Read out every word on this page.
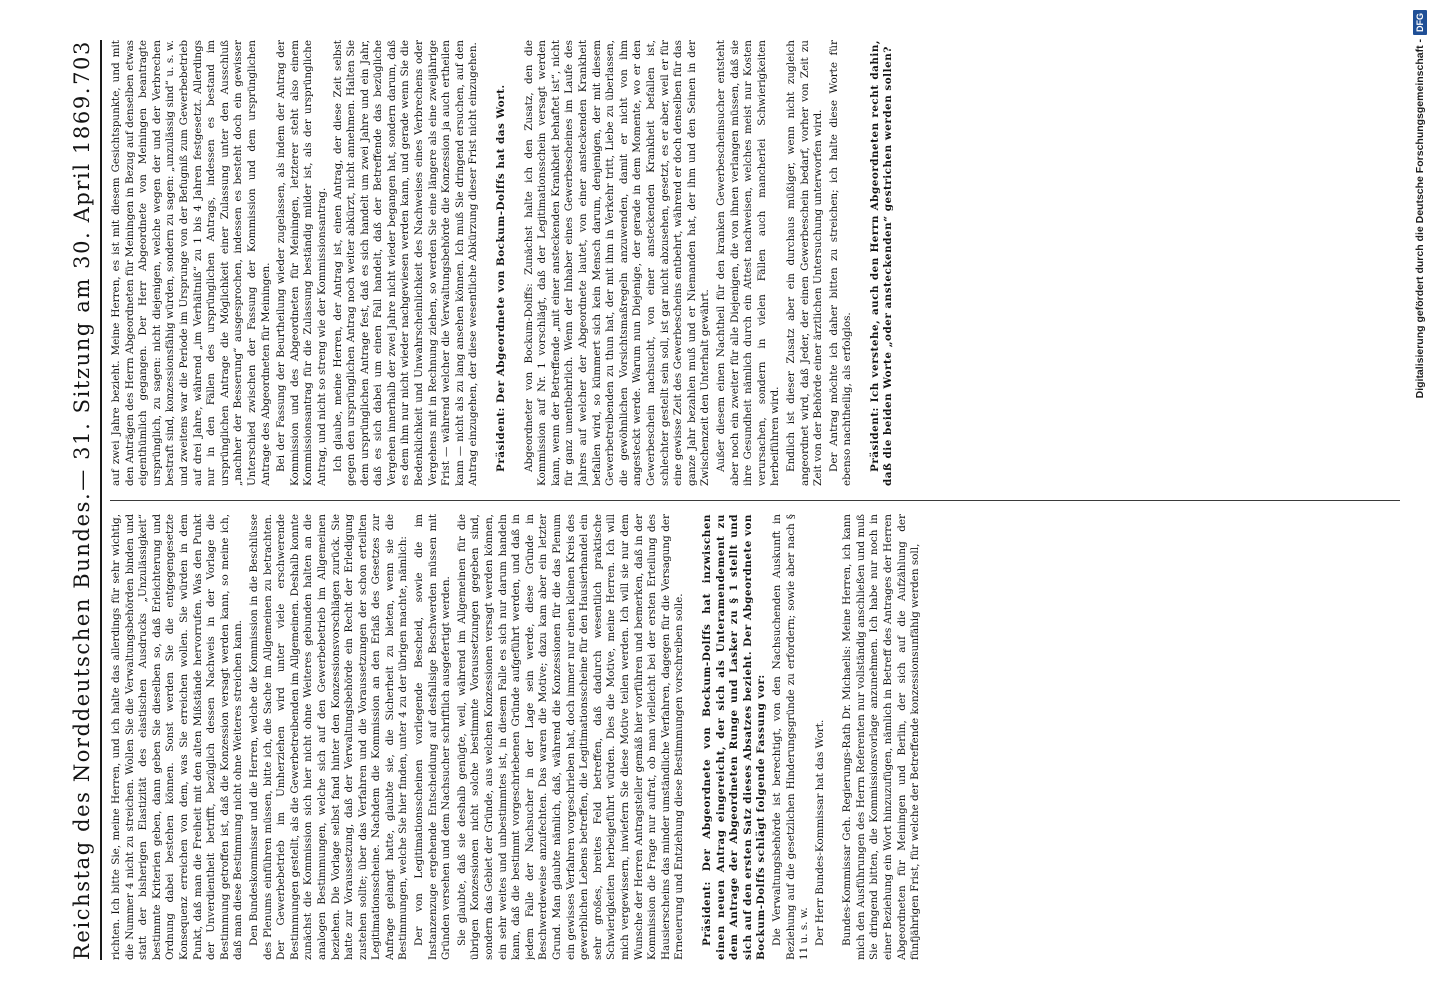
Reichstag des Norddeutschen Bundes.
— 31. Sitzung am 30. April 1869.
703

richten. Ich bitte Sie, meine Herren, und ich halte das allerdings für sehr wichtig, die Nummer 4 nicht zu streichen. Wollen Sie die Verwaltungsbehörden binden und statt der bisherigen Elastizität des elastischen Ausdrucks „Unzulässigkeit“ bestimmte Kriterien geben, dann geben Sie dieselben so, daß Erleichterung und Ordnung dabei bestehen können. Sonst werden Sie die entgegengesetzte Konsequenz erreichen von dem, was Sie erreichen wollen. Sie würden in dem Punkt, daß man die Freiheit mit den alten Mißstände hervorrufen. Was den Punkt der Unverdientheit betrifft, bezüglich dessen Nachweis in der Vorlage die Bestimmung getroffen ist, daß die Konzession versagt werden kann, so meine ich, daß man diese Bestimmung nicht ohne Weiteres streichen kann. Den Bundeskommissar und die Herren, welche die Kommission in die Beschlüsse des Plenums einführen müssen, bitte ich, die Sache im Allgemeinen zu betrachten. Der Gewerbebetrieb im Umherziehen wird unter viele erschwerende Bestimmungen gestellt, als die Gewerbetreibenden im Allgemeinen. Deshalb konnte zunächst die Kommission sich hier nicht ohne Weiteres gebunden halten an die analogen Bestimmungen, welche sich auf den Gewerbebetrieb im Allgemeinen beziehen. Die Vorlage selbst fand hinter den Konzessionsvorschlägen zurück. Sie hatte zur Voraussetzung, daß der Verwaltungsbehörde ein Recht der Erledigung zustehen sollte; über das Verfahren und die Voraussetzungen der schon erteilten Legitimationsscheine. Nachdem die Kommission an den Erlaß des Gesetzes zur Anfrage gelangt hatte, glaubte sie, die Sicherheit zu bieten, wenn sie die Bestimmungen, welche Sie hier finden, unter 4 zu der übrigen machte, nämlich: Der von Legitimationsscheinen vorliegende Bescheid, sowie die im Instanzenzuge ergehende Entscheidung auf desfallsige Beschwerden müssen mit Gründen versehen und dem Nachsucher schriftlich ausgefertigt werden. Sie glaubte, daß sie deshalb genügte, weil, während im Allgemeinen für die übrigen Konzessionen nicht solche bestimmte Voraussetzungen gegeben sind, sondern das Gebiet der Gründe, aus welchen Konzessionen versagt werden können, ein sehr weites und unbestimmtes ist, in diesem Falle es sich nur darum handeln kann, daß die bestimmt vorgeschriebenen Gründe aufgeführt werden, und daß in jedem Falle der Nachsucher in der Lage sein werde, diese Gründe in Beschwerdeweise anzufechten. Das waren die Motive; dazu kam aber ein letzter Grund. Man glaubte nämlich, daß, während die Konzessionen für die das Plenum ein gewisses Verfahren vorgeschrieben hat, doch immer nur einen kleinen Kreis des gewerblichen Lebens betreffen, die Legitimationsscheine für den Hausierhandel ein sehr großes, breites Feld betreffen, daß dadurch wesentlich praktische Schwierigkeiten herbeigeführt würden. Dies die Motive, meine Herren. Ich will mich vergewissern, inwiefern Sie diese Motive teilen werden. Ich will sie nur dem Wunsche der Herren Antragsteller gemäß hier vorführen und bemerken, daß in der Kommission die Frage nur aufrat, ob man vielleicht bei der ersten Erteilung des Hausierscheins das minder umständliche Verfahren, dagegen für die Versagung der Erneuerung und Entziehung diese Bestimmungen vorschreiben solle. Präsident: Der Abgeordnete von Bockum-Dolffs hat inzwischen einen neuen Antrag eingereicht, der sich als Unteramendement zu dem Antrage der Abgeordneten Runge und Lasker zu § 1 stellt und sich auf den ersten Satz dieses Absatzes bezieht. Der Abgeordnete von Bockum-Dolffs schlägt folgende Fassung vor: Die Verwaltungsbehörde ist berechtigt, von den Nachsuchenden Auskunft in Beziehung auf die gesetzlichen Hinderungsgründe zu erfordern; sowie aber nach § 11 u. s. w. Der Herr Bundes-Kommissar hat das Wort. Bundes-Kommissar Geh. Regierungs-Rath Dr. Michaelis: Meine Herren, ich kann mich den Ausführungen des Herrn Referenten nur vollständig anschließen und muß Sie dringend bitten, die Kommissionsvorlage anzunehmen. Ich habe nur noch in einer Beziehung ein Wort hinzuzufügen, nämlich in Betreff des Antrages der Herren Abgeordneten für Meiningen und Berlin, der sich auf die Aufzählung der fünfjährigen Frist, für welche der Betreffende konzessionsunfähig werden soll,

auf zwei Jahre bezieht. Meine Herren, es ist mit diesem Gesichtspunkte, und mit den Anträgen des Herrn Abgeordneten für Meiningen in Bezug auf denselben etwas eigenthümlich gegangen. Der Herr Abgeordnete von Meiningen beantragte ursprünglich, zu sagen: nicht diejenigen, welche wegen der und der Verbrechen bestraft sind, konzessionsfähig würden, sondern zu sagen: „unzulässig sind“ u. s. w. und zweitens war die Periode im Ursprunge von der Befugniß zum Gewerbebetrieb auf drei Jahre, während „im Verhältniß“ zu 1 bis 4 Jahren festgesetzt. Allerdings nur in den Fällen des ursprünglichen Antrags, indessen es bestand im ursprünglichen Antrage die Möglichkeit einer Zulassung unter den Ausschluß „nachher der Besserung“ ausgesprochen, indessen es besteht doch ein gewisser Unterschied zwischen der Fassung der Kommission und dem ursprünglichen Antrage des Abgeordneten für Meiningen. Bei der Fassung der Beurtheilung wieder zugelassen, als indem der Antrag der Kommission und des Abgeordneten für Meiningen, letzterer steht also einem Kommissionsantrag für die Zulassung beständig milder ist, als der ursprüngliche Antrag, und nicht so streng wie der Kommissionsantrag. Ich glaube, meine Herren, der Antrag ist, einen Antrag, der diese Zeit selbst gegen den ursprünglichen Antrag noch weiter abkürzt, nicht annehmen. Halten Sie dem ursprünglichen Antrage fest, daß es sich handelt um zwei Jahre und ein Jahr, daß es sich dabei um einen Fall handelt, daß der Betreffende das bezügliche Vergehen innerhalb der zwei Jahre nicht wieder begangen hat, sondern darum, daß es dem ihm nur nicht wieder nachgewiesen werden kann, und gerade wenn Sie die Bedenklichkeit und Unwahrscheinlichkeit des Nachweises eines Verbrechens oder Vergehens mit in Rechnung ziehen, so werden Sie eine längere als eine zweijährige Frist — während welcher die Verwaltungsbehörde die Konzession ja auch ertheilen kann — nicht als zu lang ansehen können. Ich muß Sie dringend ersuchen, auf den Antrag einzugehen, der diese wesentliche Abkürzung dieser Frist nicht einzugehen. Präsident: Der Abgeordnete von Bockum-Dolffs hat das Wort. Abgeordneter von Bockum-Dolffs: Zunächst halte ich den Zusatz, den die Kommission auf Nr. 1 vorschlägt, daß der Legitimationsschein versagt werden kann, wenn der Betreffende „mit einer ansteckenden Krankheit behaftet ist“, nicht für ganz unentbehrlich. Wenn der Inhaber eines Gewerbescheines im Laufe des Jahres auf welcher der Abgeordnete lautet, von einer ansteckenden Krankheit befallen wird, so kümmert sich kein Mensch darum, denjenigen, der mit diesem Gewerbetreibenden zu thun hat, der mit ihm in Verkehr tritt, Liebe zu überlassen, die gewöhnlichen Vorsichtsmaßregeln anzuwenden, damit er nicht von ihm angesteckt werde. Warum nun Diejenige, der gerade in dem Momente, wo er den Gewerbeschein nachsucht, von einer ansteckenden Krankheit befallen ist, schlechter gestellt sein soll, ist gar nicht abzusehen, gesetzt, es er aber, weil er für eine gewisse Zeit des Gewerbescheins entbehrt, während er doch denselben für das ganze Jahr bezahlen muß und er Niemanden hat, der ihm und den Seinen in der Zwischenzeit den Unterhalt gewährt. Außer diesem einen Nachtheil für den kranken Gewerbescheinsucher entsteht aber noch ein zweiter für alle Diejenigen, die von ihnen verlangen müssen, daß sie ihre Gesundheit nämlich durch ein Attest nachweisen, welches meist nur Kosten verursachen, sondern in vielen Fällen auch mancherlei Schwierigkeiten herbeiführen wird. Endlich ist dieser Zusatz aber ein durchaus müßiger, wenn nicht zugleich angeordnet wird, daß Jeder, der einen Gewerbeschein bedarf, vorher von Zeit zu Zeit von der Behörde einer ärztlichen Untersuchung unterworfen wird. Der Antrag möchte ich daher bitten zu streichen; ich halte diese Worte für ebenso nachtheilig, als erfolglos. Präsident: Ich verstehe, auch den Herrn Abgeordneten recht dahin, daß die beiden Worte „oder ansteckenden“ gestrichen werden sollen?	Digitalisierung gefördert durch die Deutsche Forschungsgemeinschaft -
DFG
